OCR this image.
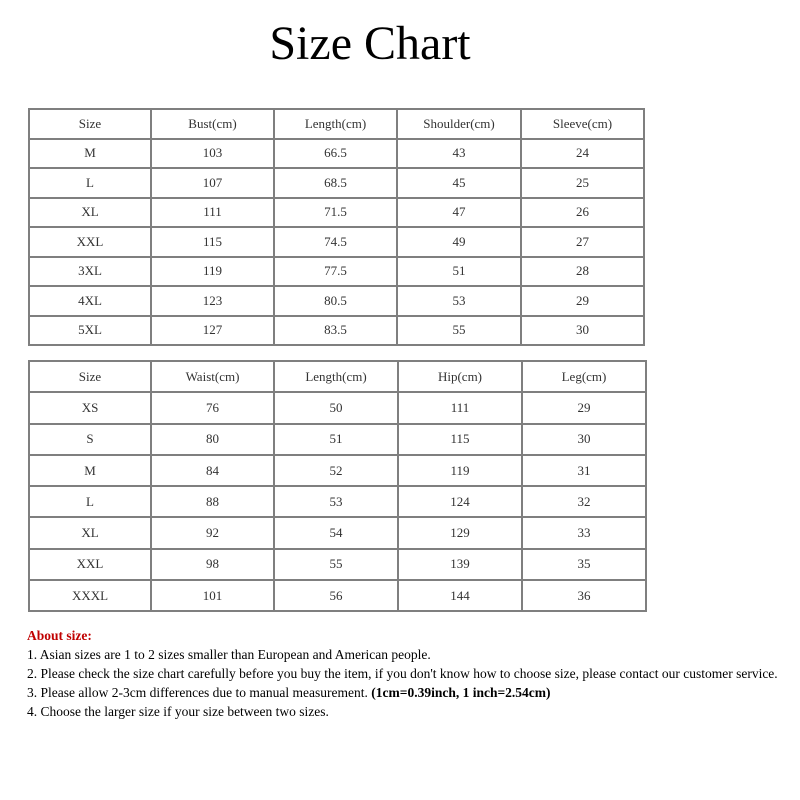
Size Chart
Size	Bust(cm)	Length(cm)	Shoulder(cm)	Sleeve(cm)
M	103	66.5	43	24
L	107	68.5	45	25
XL	111	71.5	47	26
XXL	115	74.5	49	27
3XL	119	77.5	51	28
4XL	123	80.5	53	29
5XL	127	83.5	55	30
Size	Waist(cm)	Length(cm)	Hip(cm)	Leg(cm)
XS	76	50	111	29
S	80	51	115	30
M	84	52	119	31
L	88	53	124	32
XL	92	54	129	33
XXL	98	55	139	35
XXXL	101	56	144	36

About size:

1. Asian sizes are 1 to 2 sizes smaller than European and American people.

2. Please check the size chart carefully before you buy the item, if you don't know how to choose size, please contact our customer service.

3. Please allow 2-3cm differences due to manual measurement. (1cm=0.39inch, 1 inch=2.54cm)

4. Choose the larger size if your size between two sizes.
